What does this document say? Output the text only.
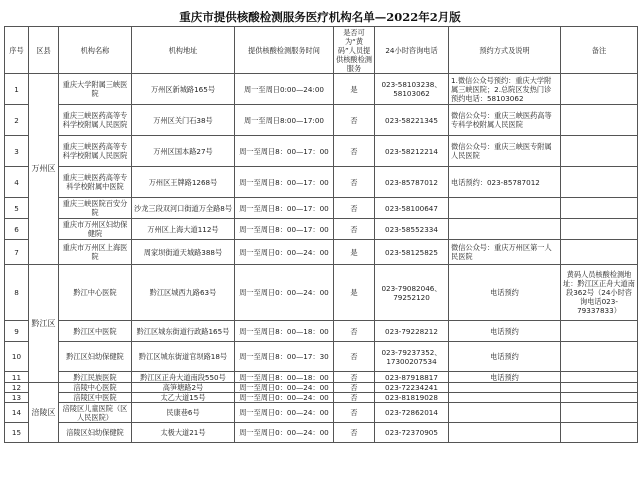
重庆市提供核酸检测服务医疗机构名单—2022年2月版
序号	区县	机构名称	机构地址	提供核酸检测服务时间	是否可为“黄码”人员提供核酸检测服务	24小时咨询电话	预约方式及说明	备注
1	万州区	重庆大学附属三峡医院	万州区新城路165号	周一至周日0:00—24:00	是	023-58103238、58103062	1.微信公众号预约：重庆大学附属三峡医院；2.总院区发热门诊预约电话：58103062	
2		重庆三峡医药高等专科学校附属人民医院	万州区关门石38号	周一至周日8:00—17:00	否	023-58221345	微信公众号：重庆三峡医药高等专科学校附属人民医院	
3		重庆三峡医药高等专科学校附属人民医院	万州区国本路27号	周一至周日8：00—17：00	否	023-58212214	微信公众号：重庆三峡医专附属人民医院	
4		重庆三峡医药高等专科学校附属中医院	万州区王牌路1268号	周一至周日8：00—17：00	否	023-85787012	电话预约：023-85787012	
5		重庆三峡医院百安分院	沙龙三段双河口街道万全路8号	周一至周日8：00—17：00	否	023-58100647		
6		重庆市万州区妇幼保健院	万州区上海大道112号	周一至周日8：00—17：00	否	023-58552334		
7		重庆市万州区上海医院	周家坝街道天城路388号	周一至周日0：00—24：00	是	023-58125825	微信公众号：重庆万州区第一人民医院	
8	黔江区	黔江中心医院	黔江区城西九路63号	周一至周日0：00—24：00	是	023-79082046、79252120	电话预约	黄码人员核酸检测地址：黔江区正舟大道南段362号（24小时咨询电话023-79337833）
9		黔江区中医院	黔江区城东街道行政路165号	周一至周日8：00—18：00	否	023-79228212	电话预约	
10		黔江区妇幼保健院	黔江区城东街道官坝路18号	周一至周日8：00—17：30	否	023-79237352、17300207534	电话预约	
11		黔江民族医院	黔江区正舟大道南段550号	周一至周日8：00—18：00	否	023-87918817	电话预约	
12	涪陵区	涪陵中心医院	高笋塘路2号	周一至周日0：00—24：00	否	023-72234241		
13		涪陵区中医院	太乙大道15号	周一至周日0：00—24：00	否	023-81819028		
14		涪陵区儿童医院（区人民医院）	民康巷6号	周一至周日0：00—24：00	否	023-72862014		
15		涪陵区妇幼保健院	太极大道21号	周一至周日0：00—24：00	否	023-72370905		
